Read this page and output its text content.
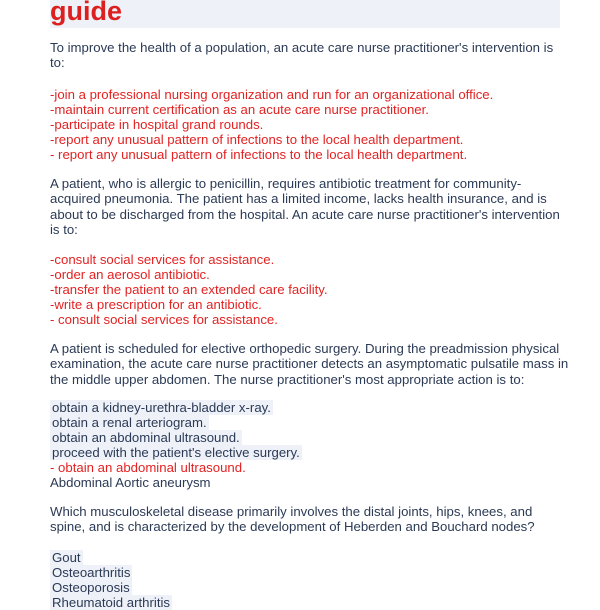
guide
To improve the health of a population, an acute care nurse practitioner's intervention is to:
-join a professional nursing organization and run for an organizational office.
-maintain current certification as an acute care nurse practitioner.
-participate in hospital grand rounds.
-report any unusual pattern of infections to the local health department.
- report any unusual pattern of infections to the local health department.
A patient, who is allergic to penicillin, requires antibiotic treatment for community-acquired pneumonia. The patient has a limited income, lacks health insurance, and is about to be discharged from the hospital. An acute care nurse practitioner's intervention is to:
-consult social services for assistance.
-order an aerosol antibiotic.
-transfer the patient to an extended care facility.
-write a prescription for an antibiotic.
- consult social services for assistance.
A patient is scheduled for elective orthopedic surgery. During the preadmission physical examination, the acute care nurse practitioner detects an asymptomatic pulsatile mass in the middle upper abdomen. The nurse practitioner's most appropriate action is to:
obtain a kidney-urethra-bladder x-ray.
obtain a renal arteriogram.
obtain an abdominal ultrasound.
proceed with the patient's elective surgery.
- obtain an abdominal ultrasound.
Abdominal Aortic aneurysm
Which musculoskeletal disease primarily involves the distal joints, hips, knees, and spine, and is characterized by the development of Heberden and Bouchard nodes?
Gout
Osteoarthritis
Osteoporosis
Rheumatoid arthritis
